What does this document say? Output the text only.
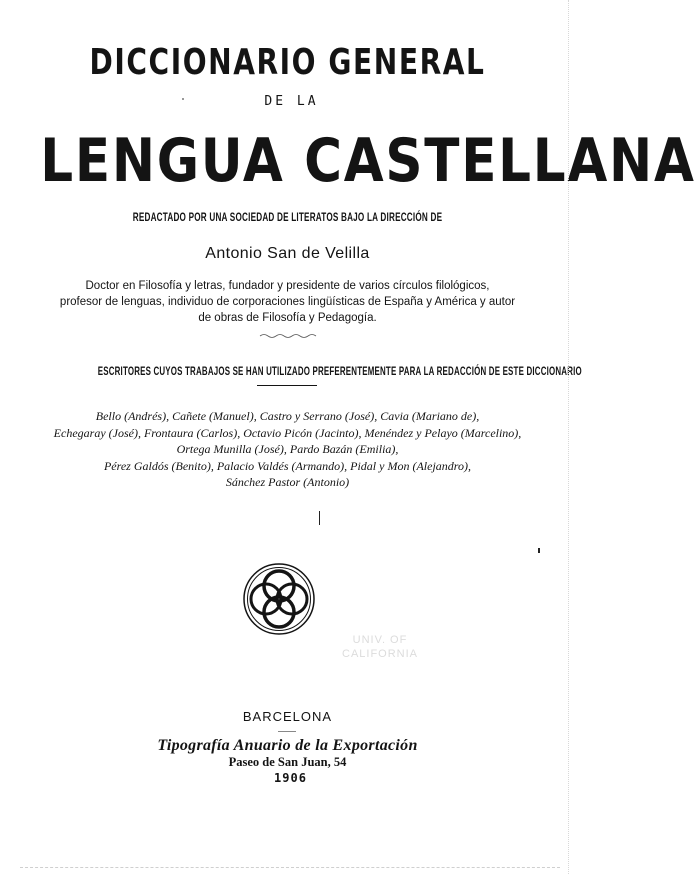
DICCIONARIO GENERAL
DE LA
LENGUA CASTELLANA
REDACTADO POR UNA SOCIEDAD DE LITERATOS BAJO LA DIRECCIÓN DE
Antonio San de Velilla
Doctor en Filosofía y letras, fundador y presidente de varios círculos filológicos,
profesor de lenguas, individuo de corporaciones lingüísticas de España y América y autor
de obras de Filosofía y Pedagogía.
ESCRITORES CUYOS TRABAJOS SE HAN UTILIZADO PREFERENTEMENTE PARA LA REDACCIÓN DE ESTE DICCIONARIO
Bello (Andrés), Cañete (Manuel), Castro y Serrano (José), Cavia (Mariano de),
Echegaray (José), Frontaura (Carlos), Octavio Picón (Jacinto), Menéndez y Pelayo (Marcelino),
Ortega Munilla (José), Pardo Bazán (Emilia),
Pérez Galdós (Benito), Palacio Valdés (Armando), Pidal y Mon (Alejandro),
Sánchez Pastor (Antonio)
UNIV. OF
CALIFORNIA
BARCELONA
Tipografía Anuario de la Exportación
Paseo de San Juan, 54
1906
